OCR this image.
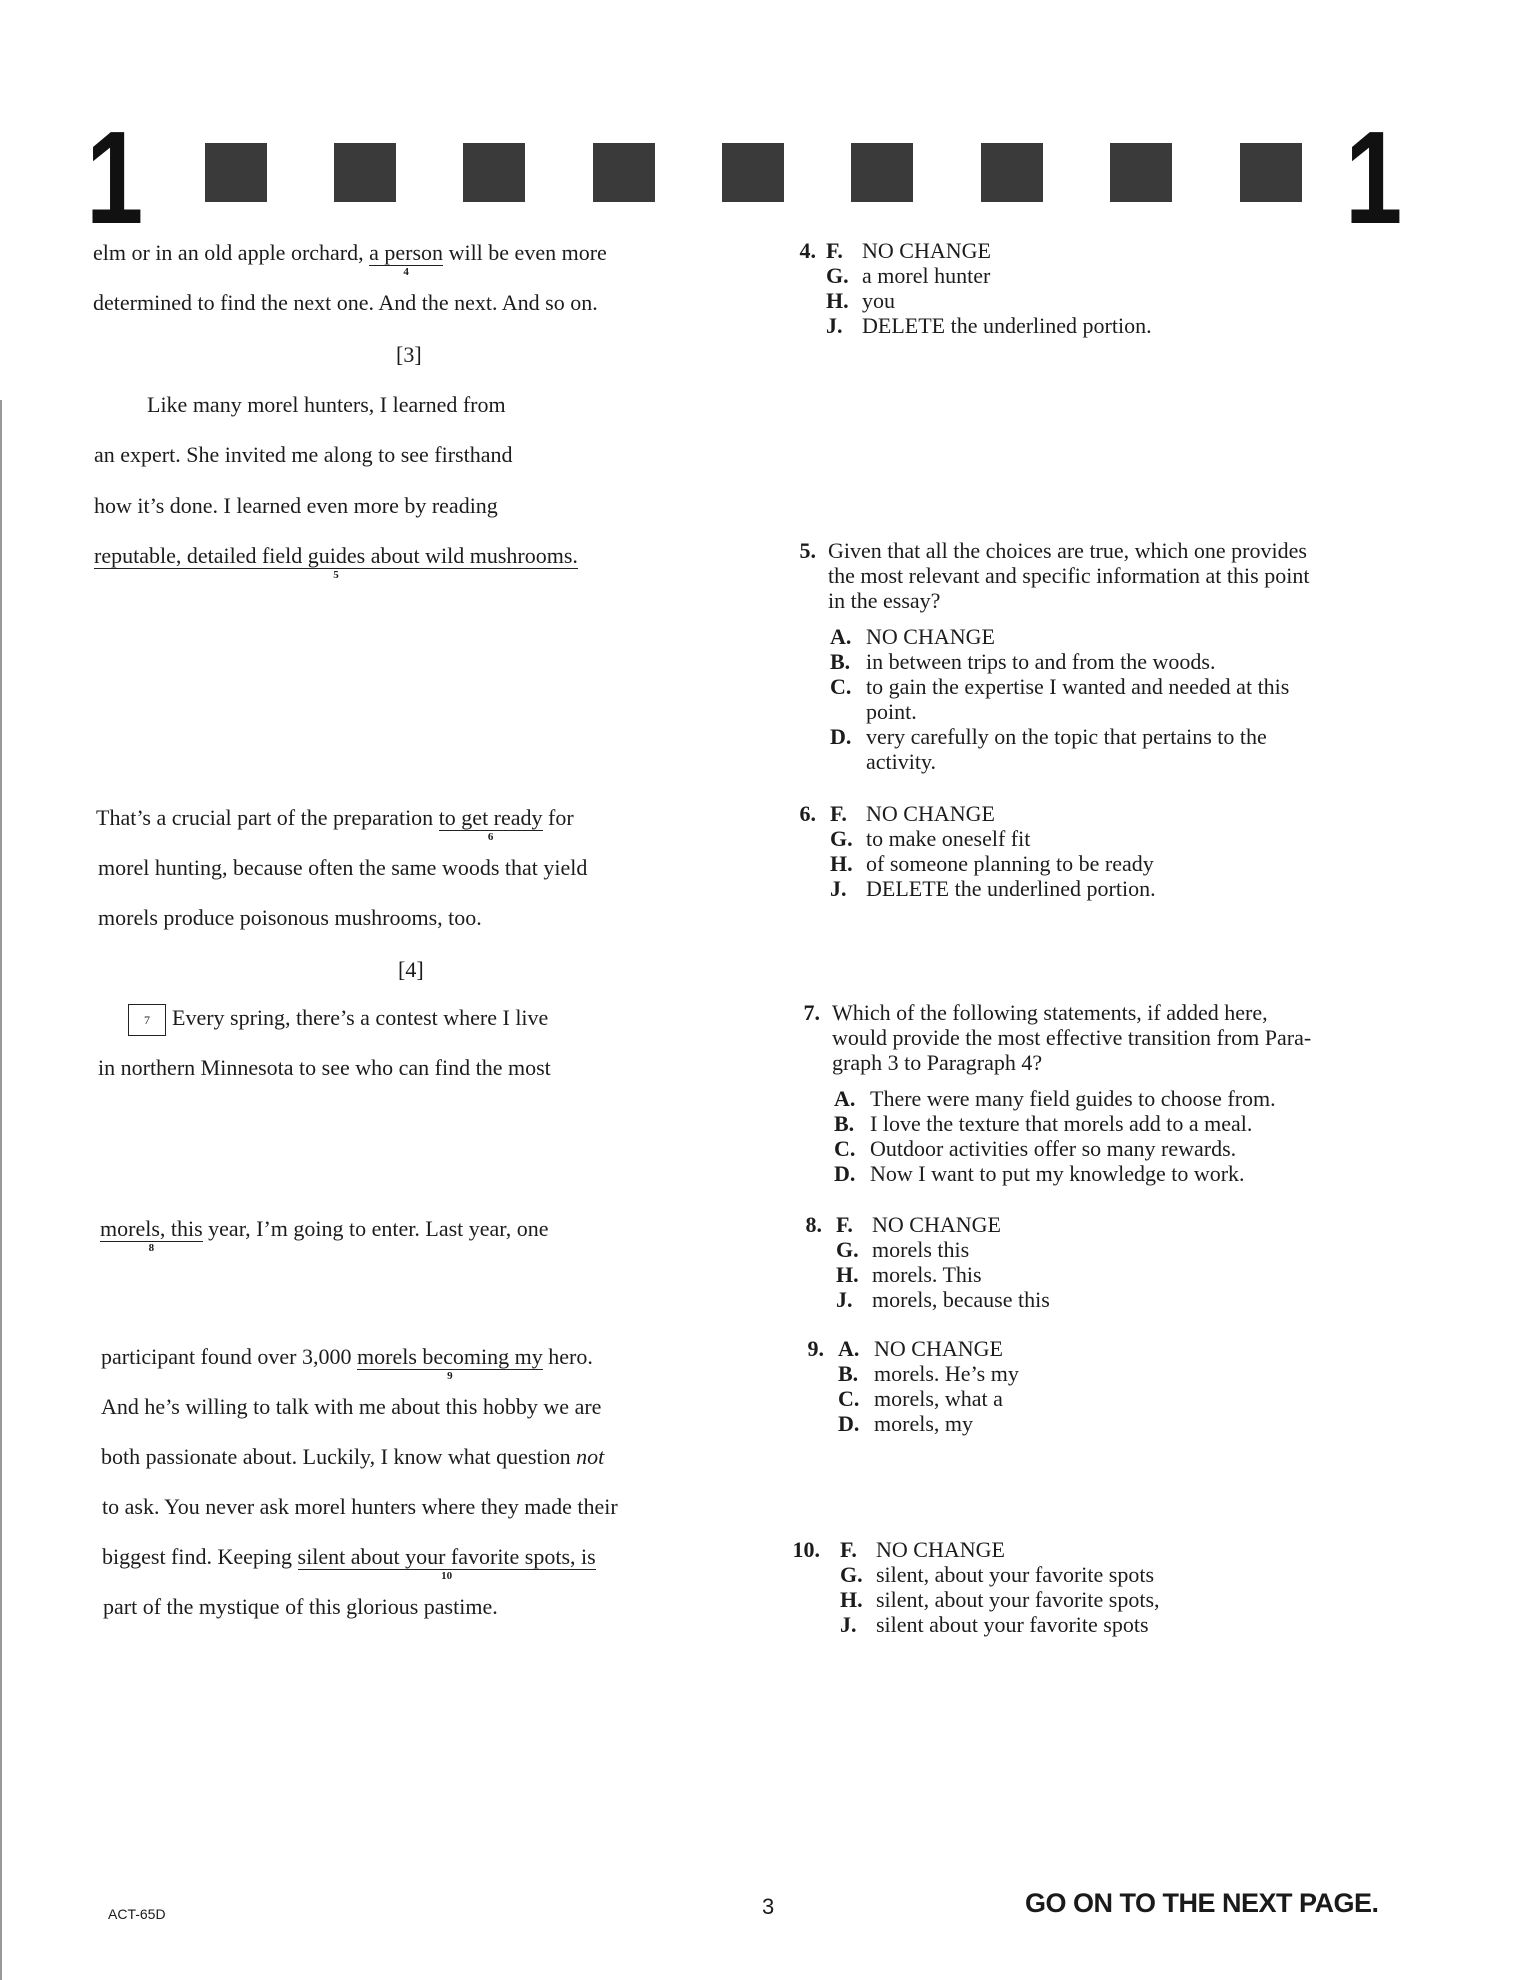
1	1
elm or in an old apple orchard, a person
4
will be even more
determined to find the next one. And the next. And so on.
[3]
Like many morel hunters, I learned from
an expert. She invited me along to see firsthand
how it’s done. I learned even more by reading
reputable, detailed field guides about wild mushrooms.
5
That’s a crucial part of the preparation to get ready
6
for
morel hunting, because often the same woods that yield
morels produce poisonous mushrooms, too.
[4]
7 Every spring, there’s a contest where I live
in northern Minnesota to see who can find the most
morels, this
8
year, I’m going to enter. Last year, one
participant found over 3,000 morels becoming my
9
hero.
And he’s willing to talk with me about this hobby we are
both passionate about. Luckily, I know what question not
to ask. You never ask morel hunters where they made their
biggest find. Keeping silent about your favorite spots, is
10
part of the mystique of this glorious pastime.
4. F. NO CHANGE
G. a morel hunter
H. you
J. DELETE the underlined portion.
5. Given that all the choices are true, which one provides
the most relevant and specific information at this point
in the essay?
A. NO CHANGE
B. in between trips to and from the woods.
C. to gain the expertise I wanted and needed at this
point.
D. very carefully on the topic that pertains to the
activity.
6. F. NO CHANGE
G. to make oneself fit
H. of someone planning to be ready
J. DELETE the underlined portion.
7. Which of the following statements, if added here,
would provide the most effective transition from Para-
graph 3 to Paragraph 4?
A. There were many field guides to choose from.
B. I love the texture that morels add to a meal.
C. Outdoor activities offer so many rewards.
D. Now I want to put my knowledge to work.
8. F. NO CHANGE
G. morels this
H. morels. This
J. morels, because this
9. A. NO CHANGE
B. morels. He’s my
C. morels, what a
D. morels, my
10. F. NO CHANGE
G. silent, about your favorite spots
H. silent, about your favorite spots,
J. silent about your favorite spots
ACT-65D	3	GO ON TO THE NEXT PAGE.
